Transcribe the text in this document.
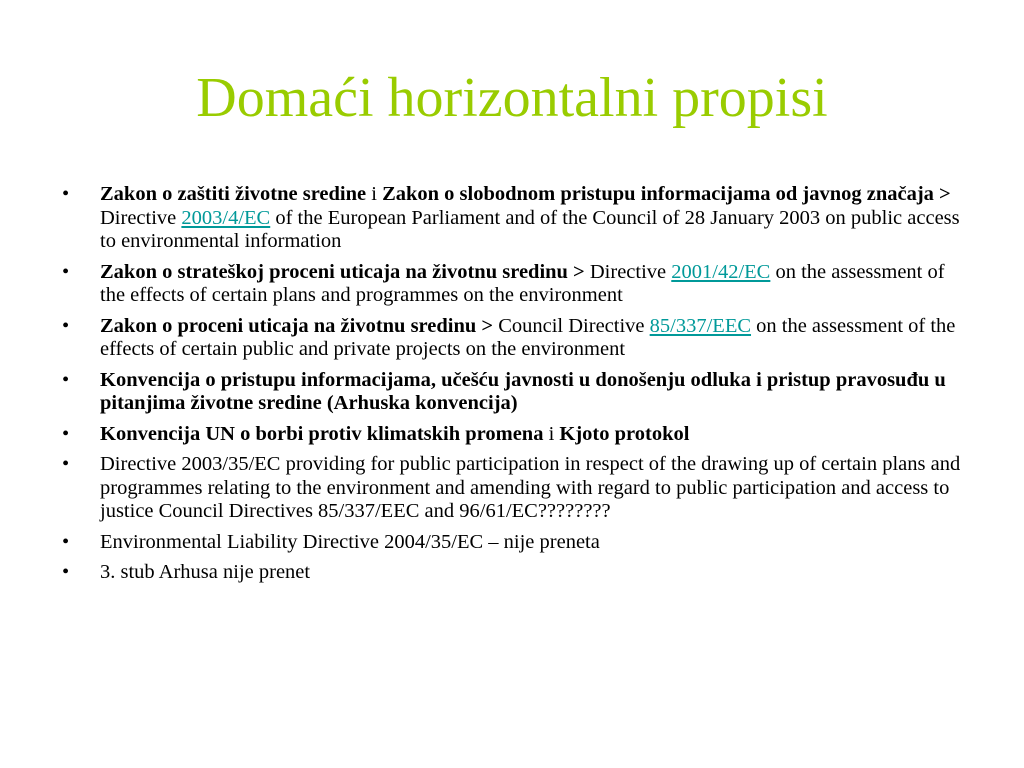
Domaći horizontalni propisi
• Zakon o zaštiti životne sredine i Zakon o slobodnom pristupu informacijama od javnog značaja > Directive 2003/4/EC of the European Parliament and of the Council of 28 January 2003 on public access to environmental information
• Zakon o strateškoj proceni uticaja na životnu sredinu > Directive 2001/42/EC on the assessment of the effects of certain plans and programmes on the environment
• Zakon o proceni uticaja na životnu sredinu > Council Directive 85/337/EEC on the assessment of the effects of certain public and private projects on the environment
• Konvencija o pristupu informacijama, učešću javnosti u donošenju odluka i pristup pravosuđu u pitanjima životne sredine (Arhuska konvencija)
• Konvencija UN o borbi protiv klimatskih promena i Kjoto protokol
• Directive 2003/35/EC providing for public participation in respect of the drawing up of certain plans and programmes relating to the environment and amending with regard to public participation and access to justice Council Directives 85/337/EEC and 96/61/EC????????
• Environmental Liability Directive 2004/35/EC – nije preneta
• 3. stub Arhusa nije prenet
